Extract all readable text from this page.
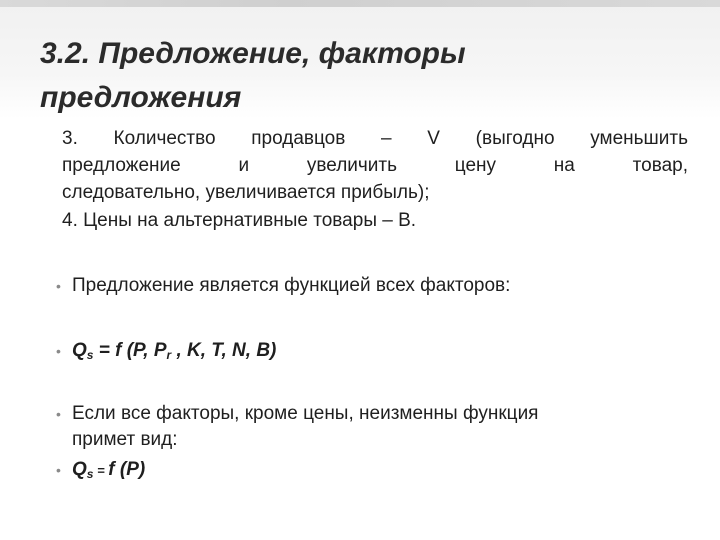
3.2. Предложение, факторы
предложения
3. Количество продавцов – V (выгодно уменьшить
предложение и увеличить цену на товар,
следовательно, увеличивается прибыль);
4. Цены на альтернативные товары – B.
• Предложение является функцией всех факторов:
• $Q_s = f$ (P, $P_r$ , K, T, N, B)
• Если все факторы, кроме цены, неизменны функция
примет вид:
• $Q_s = f$ (P)
